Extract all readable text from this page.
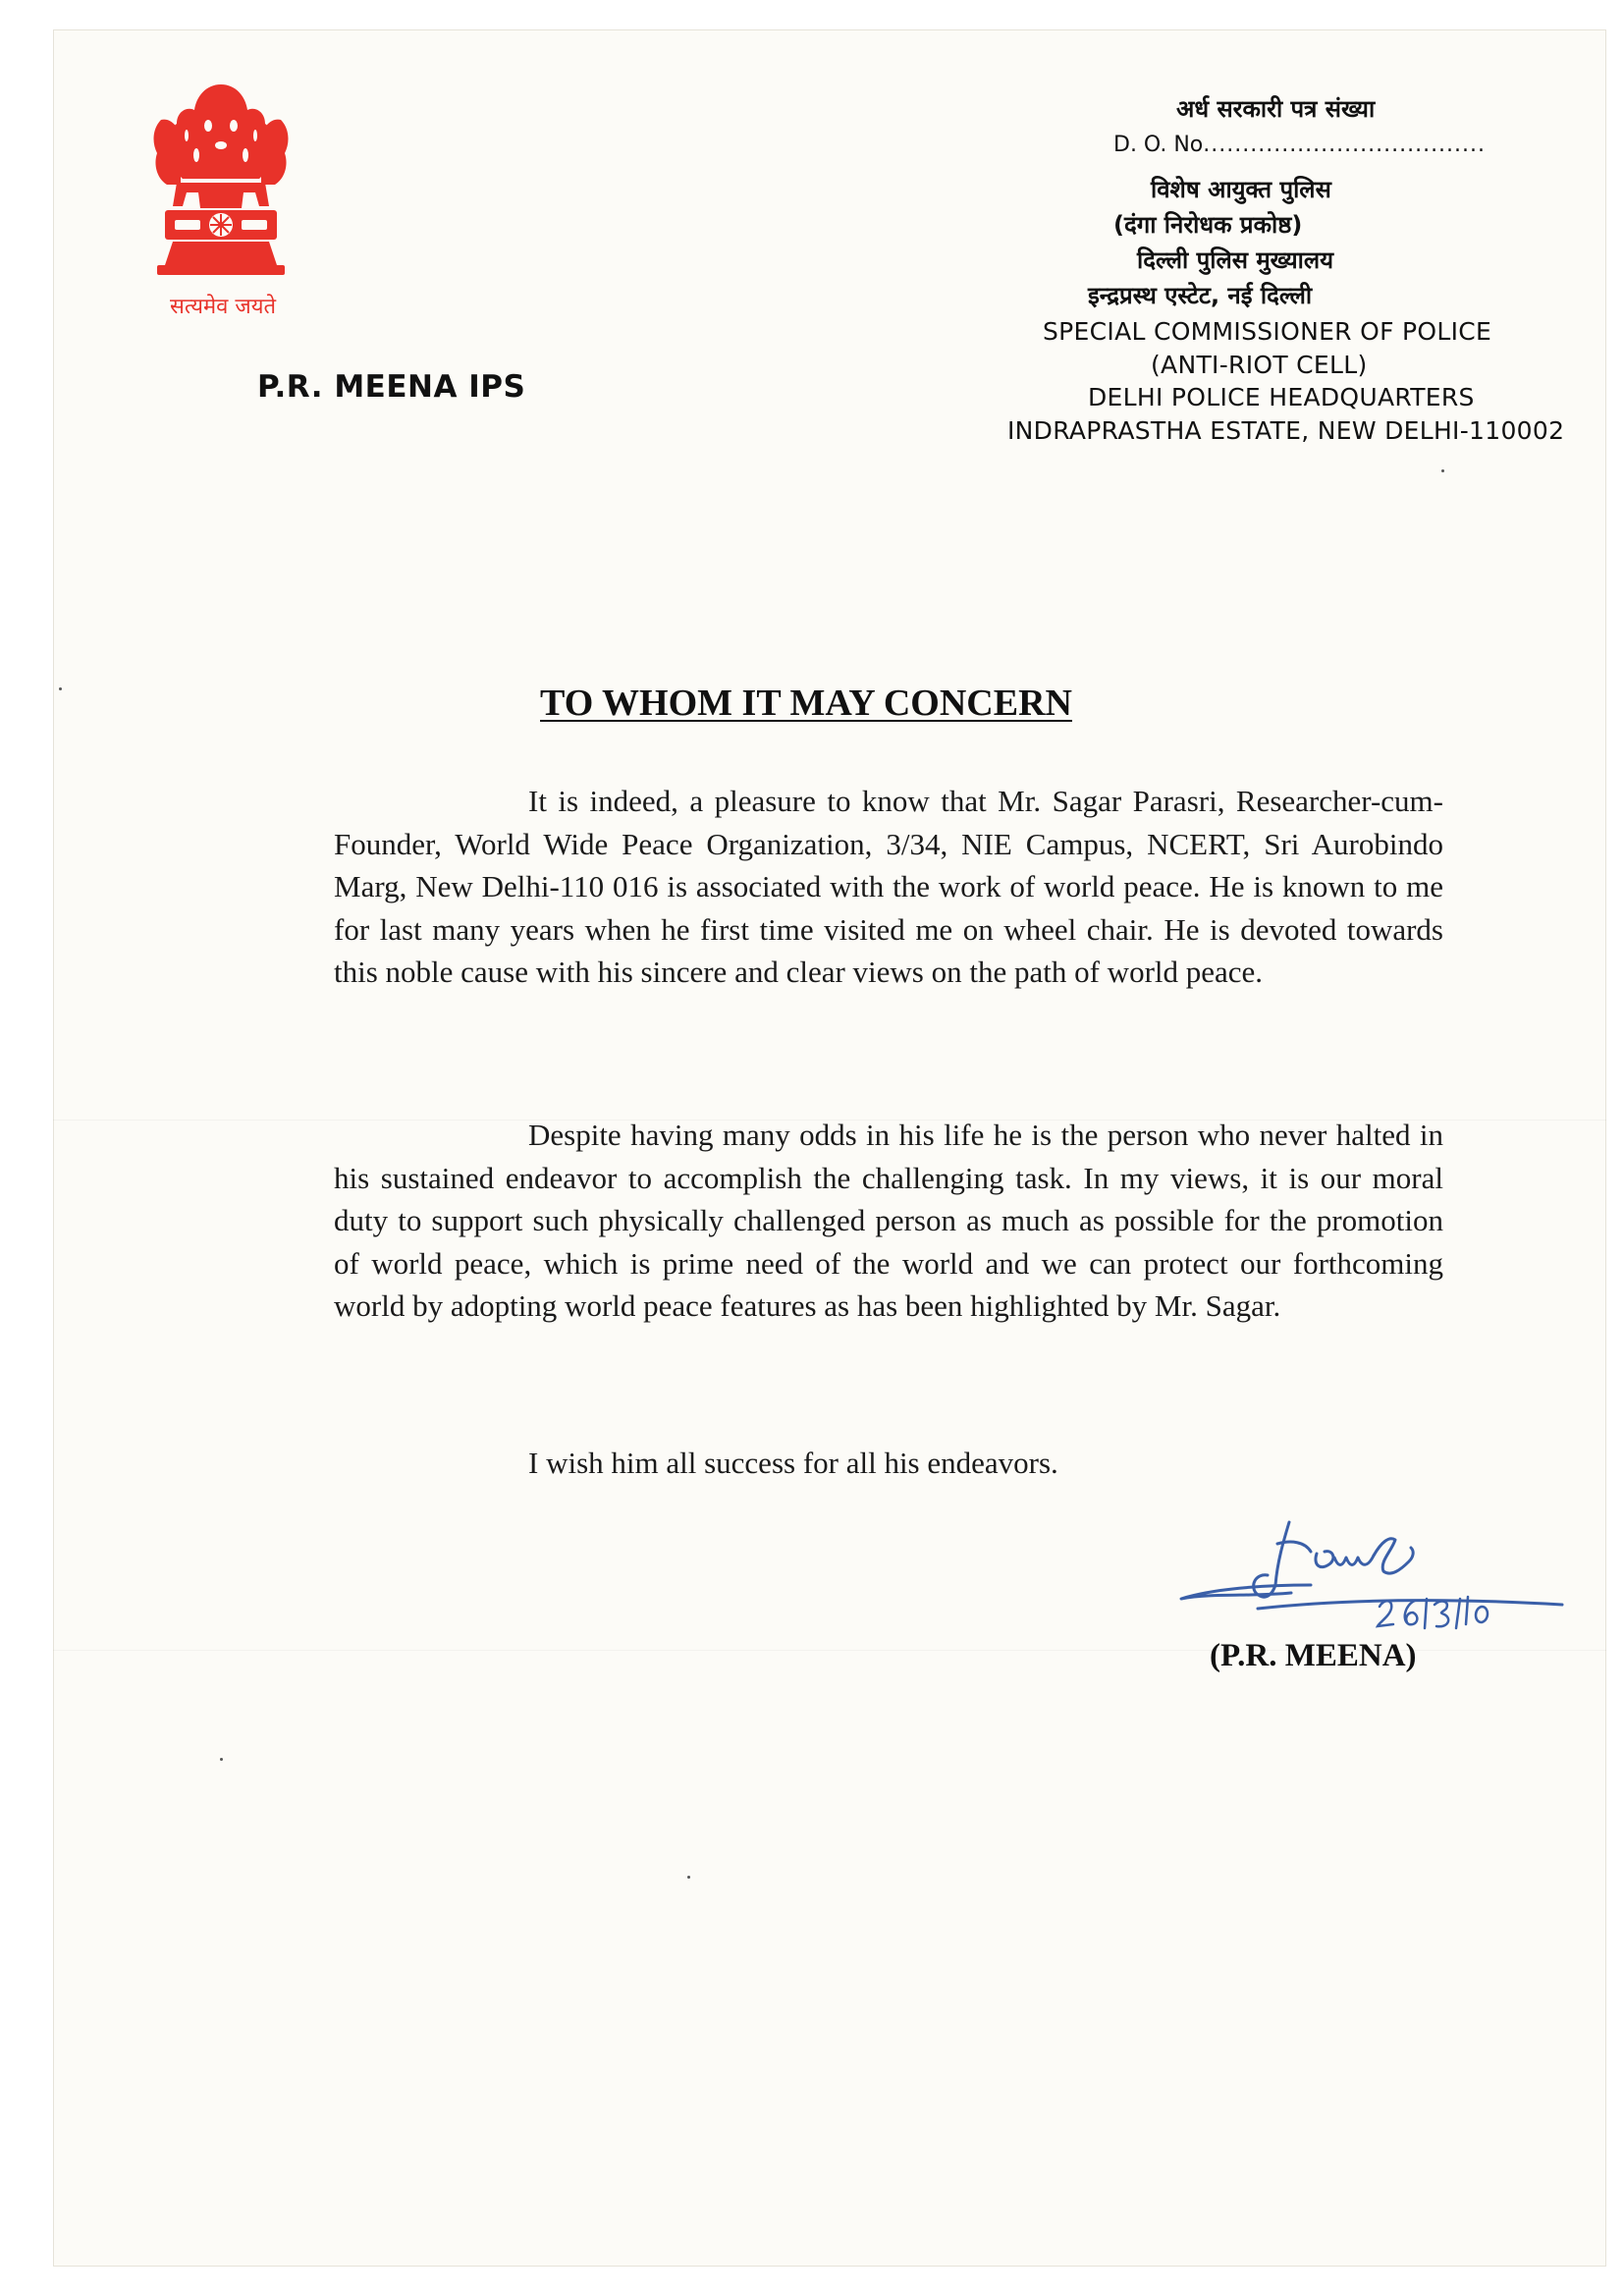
सत्यमेव जयते
P.R. MEENA IPS
अर्ध सरकारी पत्र संख्या
D. O. No....................................
विशेष आयुक्त पुलिस
(दंगा निरोधक प्रकोष्ठ)
दिल्ली पुलिस मुख्यालय
इन्द्रप्रस्थ एस्टेट, नई दिल्ली
SPECIAL COMMISSIONER OF POLICE
(ANTI-RIOT CELL)
DELHI POLICE HEADQUARTERS
INDRAPRASTHA ESTATE, NEW DELHI-110002
TO WHOM IT MAY CONCERN

It is indeed, a pleasure to know that Mr. Sagar Parasri, Researcher-cum-Founder, World Wide Peace Organization, 3/34, NIE Campus, NCERT, Sri Aurobindo Marg, New Delhi-110 016 is associated with the work of world peace. He is known to me for last many years when he first time visited me on wheel chair. He is devoted towards this noble cause with his sincere and clear views on the path of world peace.

Despite having many odds in his life he is the person who never halted in his sustained endeavor to accomplish the challenging task. In my views, it is our moral duty to support such physically challenged person as much as possible for the promotion of world peace, which is prime need of the world and we can protect our forthcoming world by adopting world peace features as has been highlighted by Mr. Sagar.

I wish him all success for all his endeavors.
(P.R. MEENA)
